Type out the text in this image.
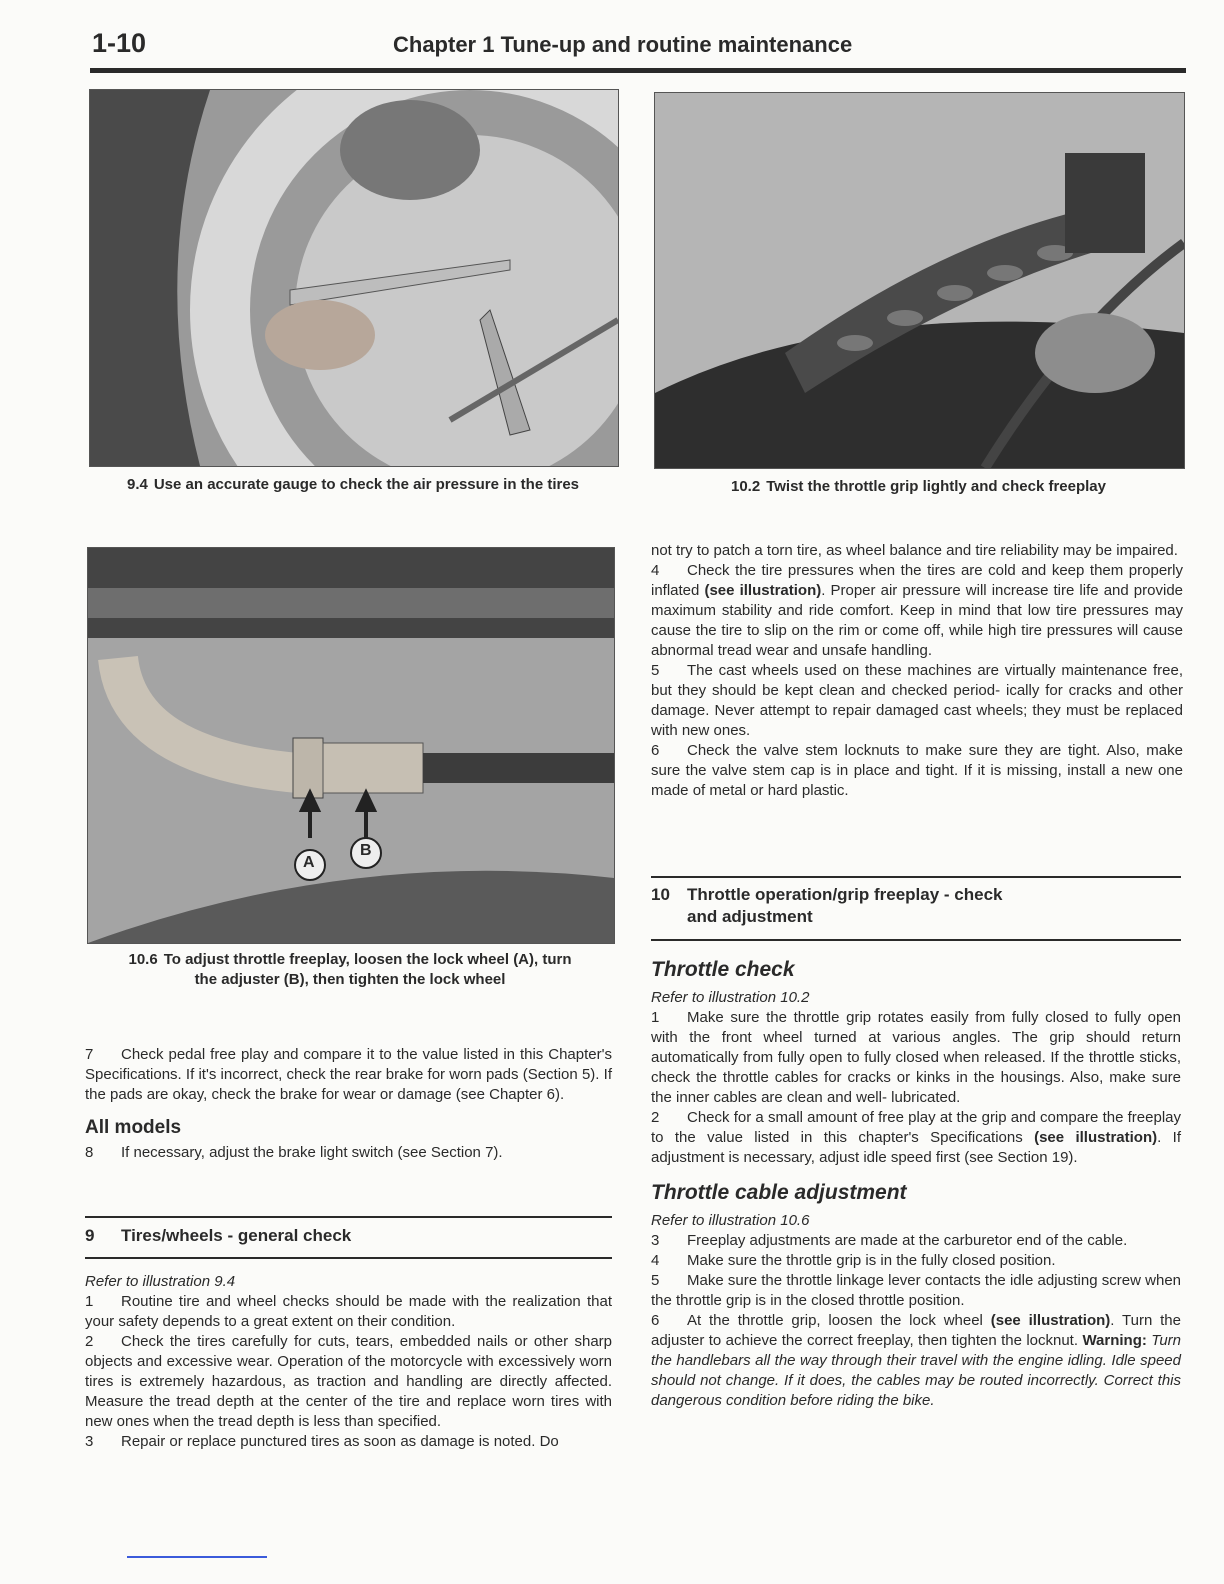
1-10	Chapter 1 Tune-up and routine maintenance
9.4 Use an accurate gauge to check the air pressure in the tires	10.2 Twist the throttle grip lightly and check freeplay
A
B
10.6 To adjust throttle freeplay, loosen the lock wheel (A), turn
the adjuster (B), then tighten the lock wheel

7 Check pedal free play and compare it to the value listed in this Chapter's Specifications. If it's incorrect, check the rear brake for worn pads (Section 5). If the pads are okay, check the brake for wear or damage (see Chapter 6).

All models

8 If necessary, adjust the brake light switch (see Section 7).

9 Tires/wheels - general check

Refer to illustration 9.4

1 Routine tire and wheel checks should be made with the realization that your safety depends to a great extent on their condition.

2 Check the tires carefully for cuts, tears, embedded nails or other sharp objects and excessive wear. Operation of the motorcycle with excessively worn tires is extremely hazardous, as traction and handling are directly affected. Measure the tread depth at the center of the tire and replace worn tires with new ones when the tread depth is less than specified.

3 Repair or replace punctured tires as soon as damage is noted. Do

not try to patch a torn tire, as wheel balance and tire reliability may be impaired.

4 Check the tire pressures when the tires are cold and keep them properly inflated (see illustration). Proper air pressure will increase tire life and provide maximum stability and ride comfort. Keep in mind that low tire pressures may cause the tire to slip on the rim or come off, while high tire pressures will cause abnormal tread wear and unsafe handling.

5 The cast wheels used on these machines are virtually maintenance free, but they should be kept clean and checked period- ically for cracks and other damage. Never attempt to repair damaged cast wheels; they must be replaced with new ones.

6 Check the valve stem locknuts to make sure they are tight. Also, make sure the valve stem cap is in place and tight. If it is missing, install a new one made of metal or hard plastic.

10 Throttle operation/grip freeplay - check
and adjustment
Throttle check

Refer to illustration 10.2

1 Make sure the throttle grip rotates easily from fully closed to fully open with the front wheel turned at various angles. The grip should return automatically from fully open to fully closed when released. If the throttle sticks, check the throttle cables for cracks or kinks in the housings. Also, make sure the inner cables are clean and well- lubricated.

2 Check for a small amount of free play at the grip and compare the freeplay to the value listed in this chapter's Specifications (see illustration). If adjustment is necessary, adjust idle speed first (see Section 19).

Throttle cable adjustment

Refer to illustration 10.6

3 Freeplay adjustments are made at the carburetor end of the cable.

4 Make sure the throttle grip is in the fully closed position.

5 Make sure the throttle linkage lever contacts the idle adjusting screw when the throttle grip is in the closed throttle position.

6 At the throttle grip, loosen the lock wheel (see illustration). Turn the adjuster to achieve the correct freeplay, then tighten the locknut. Warning: Turn the handlebars all the way through their travel with the engine idling. Idle speed should not change. If it does, the cables may be routed incorrectly. Correct this dangerous condition before riding the bike.
